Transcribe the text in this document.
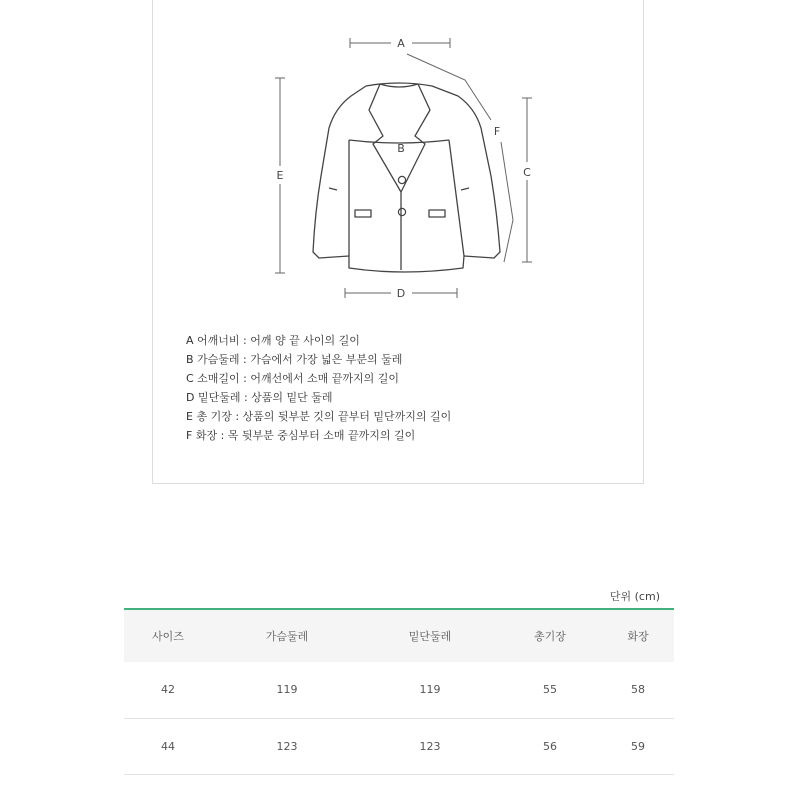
A
B
C
D
E
F
A 어깨너비 : 어깨 양 끝 사이의 길이
B 가슴둘레 : 가슴에서 가장 넓은 부분의 둘레
C 소매길이 : 어깨선에서 소매 끝까지의 길이
D 밑단둘레 : 상품의 밑단 둘레
E 총 기장 : 상품의 뒷부분 깃의 끝부터 밑단까지의 길이
F 화장 : 목 뒷부분 중심부터 소매 끝까지의 길이
단위 (cm)
사이즈	가슴둘레	밑단둘레	총기장	화장
42	119	119	55	58
44	123	123	56	59
